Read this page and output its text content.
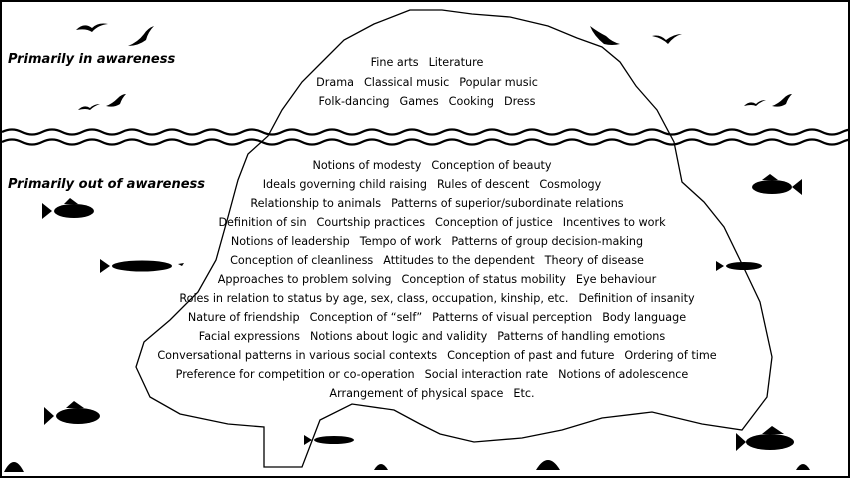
Primarily in awareness
Primarily out of awareness
Fine arts Literature
Drama Classical music Popular music
Folk-dancing Games Cooking Dress
Notions of modesty Conception of beauty
Ideals governing child raising Rules of descent Cosmology
Relationship to animals Patterns of superior/subordinate relations
Definition of sin Courtship practices Conception of justice Incentives to work
Notions of leadership Tempo of work Patterns of group decision-making
Conception of cleanliness Attitudes to the dependent Theory of disease
Approaches to problem solving Conception of status mobility Eye behaviour
Roles in relation to status by age, sex, class, occupation, kinship, etc. Definition of insanity
Nature of friendship Conception of “self” Patterns of visual perception Body language
Facial expressions Notions about logic and validity Patterns of handling emotions
Conversational patterns in various social contexts Conception of past and future Ordering of time
Preference for competition or co-operation Social interaction rate Notions of adolescence
Arrangement of physical space Etc.
